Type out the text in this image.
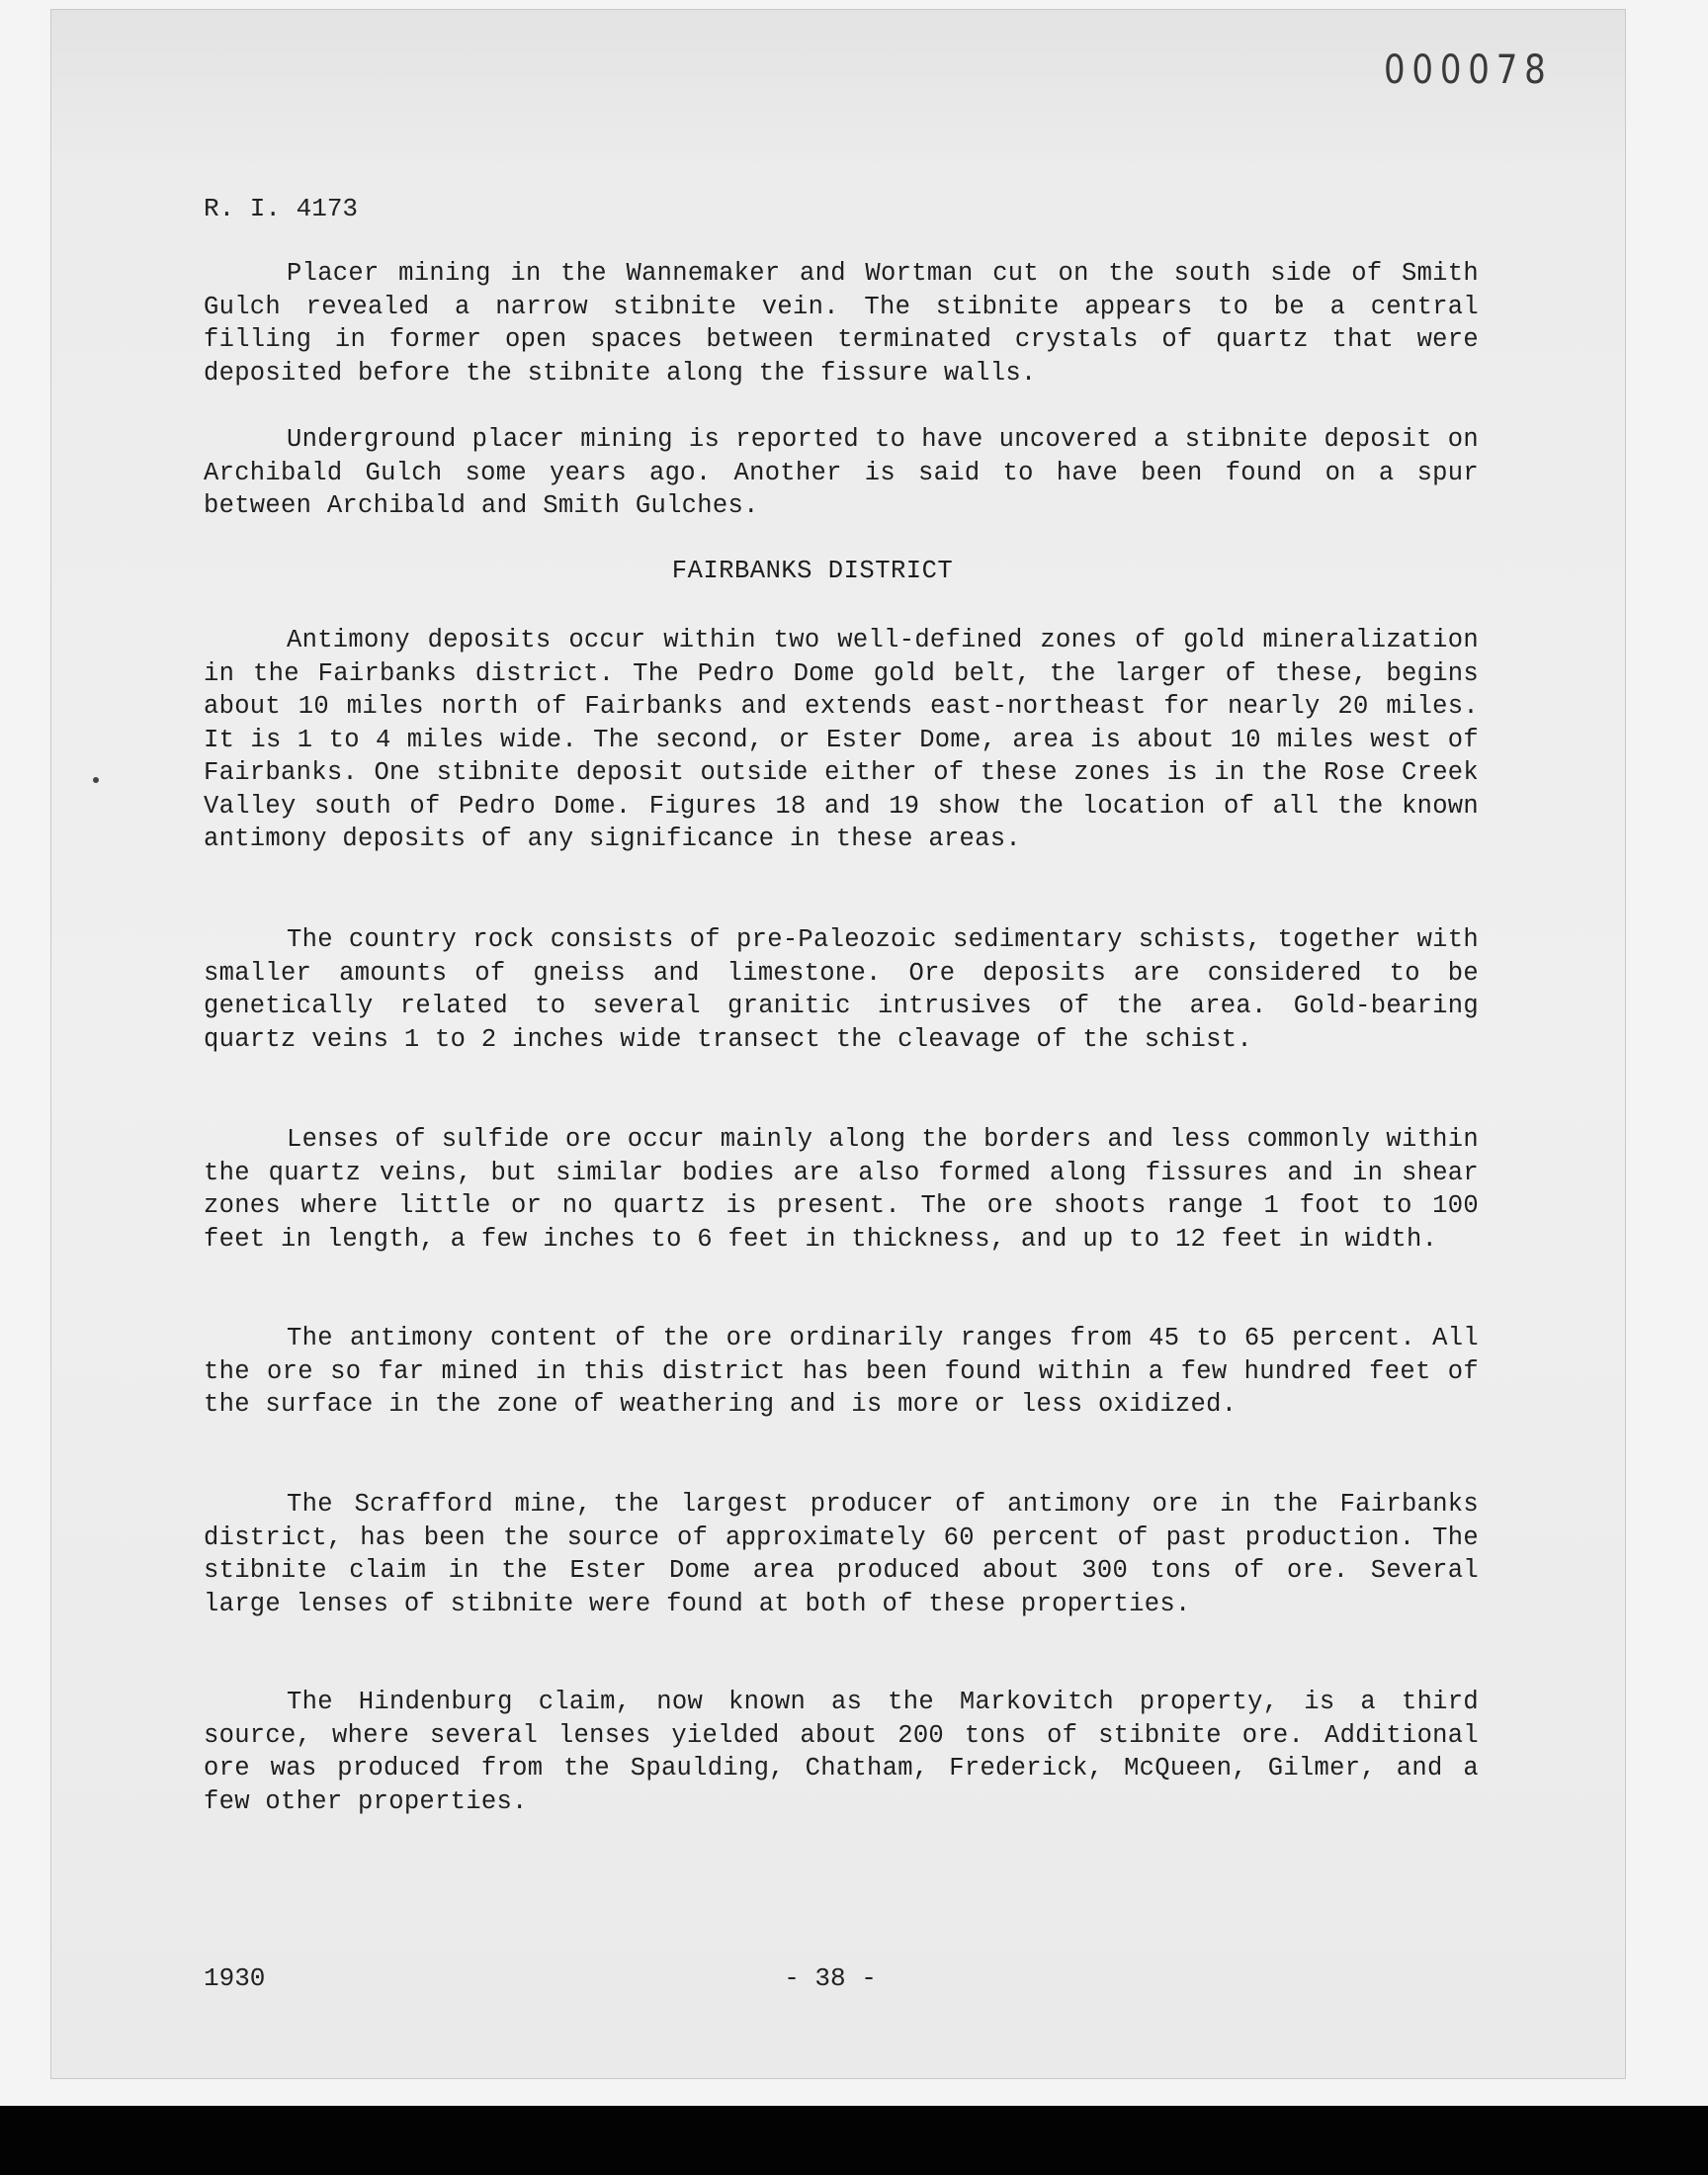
000078
R. I. 4173
Placer mining in the Wannemaker and Wortman cut on the south side of Smith Gulch revealed a narrow stibnite vein. The stibnite appears to be a central filling in former open spaces between terminated crystals of quartz that were deposited before the stibnite along the fissure walls.
Underground placer mining is reported to have uncovered a stibnite deposit on Archibald Gulch some years ago. Another is said to have been found on a spur between Archibald and Smith Gulches.
FAIRBANKS DISTRICT
Antimony deposits occur within two well-defined zones of gold mineralization in the Fairbanks district. The Pedro Dome gold belt, the larger of these, begins about 10 miles north of Fairbanks and extends east-northeast for nearly 20 miles. It is 1 to 4 miles wide. The second, or Ester Dome, area is about 10 miles west of Fairbanks. One stibnite deposit outside either of these zones is in the Rose Creek Valley south of Pedro Dome. Figures 18 and 19 show the location of all the known antimony deposits of any significance in these areas.
The country rock consists of pre-Paleozoic sedimentary schists, together with smaller amounts of gneiss and limestone. Ore deposits are considered to be genetically related to several granitic intrusives of the area. Gold-bearing quartz veins 1 to 2 inches wide transect the cleavage of the schist.
Lenses of sulfide ore occur mainly along the borders and less commonly within the quartz veins, but similar bodies are also formed along fissures and in shear zones where little or no quartz is present. The ore shoots range 1 foot to 100 feet in length, a few inches to 6 feet in thickness, and up to 12 feet in width.
The antimony content of the ore ordinarily ranges from 45 to 65 percent. All the ore so far mined in this district has been found within a few hundred feet of the surface in the zone of weathering and is more or less oxidized.
The Scrafford mine, the largest producer of antimony ore in the Fairbanks district, has been the source of approximately 60 percent of past production. The stibnite claim in the Ester Dome area produced about 300 tons of ore. Several large lenses of stibnite were found at both of these properties.
The Hindenburg claim, now known as the Markovitch property, is a third source, where several lenses yielded about 200 tons of stibnite ore. Additional ore was produced from the Spaulding, Chatham, Frederick, McQueen, Gilmer, and a few other properties.
1930	- 38 -
